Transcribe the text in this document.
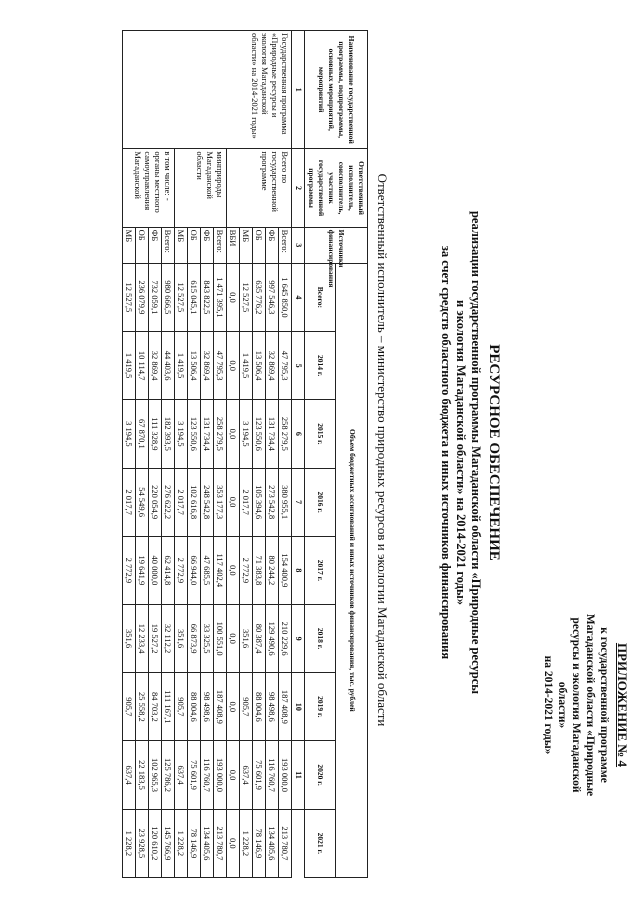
ПРИЛОЖЕНИЕ № 4
к государственной программе
Магаданской области «Природные
ресурсы и экология Магаданской
области»
на 2014-2021 годы»
РЕСУРСНОЕ ОБЕСПЕЧЕНИЕ
реализации государственной программы Магаданской области «Природные ресурсы
и экология Магаданской области» на 2014-2021 годы»
за счет средств областного бюджета и иных источников финансирования
Ответственный исполнитель – министерство природных ресурсов и экологии Магаданской области
Наименование государственной программы, подпрограммы, основных мероприятий, мероприятий	Ответственный исполнитель, соисполнитель, участник государственной программы	Источники финансирования	Объем бюджетных ассигнований и иных источников финансирования, тыс. рублей								
			Всего:	2014 г.	2015 г.	2016 г.	2017 г.	2018 г.	2019 г.	2020 г.	2021 г.
1	2	3	4	5	6	7	8	9	10	11	
Государственная программа «Природные ресурсы и экология Магаданской области» на 2014-2021 годы»	Всего по государственной программе	Всего:	1 645 850,0	47 795,3	258 279,5	380 955,1	154 400,9	210 229,6	187 408,9	193 000,0	213 780,7
		ФБ	997 546,3	32 869,4	131 734,4	273 542,8	80 244,2	129 490,6	98 498,6	116 760,7	134 405,6
		ОБ	635 776,2	13 506,4	123 550,6	105 394,6	71 383,8	80 387,4	88 004,6	75 601,9	78 146,9
		МБ	12 527,5	1 419,5	3 194,5	2 017,7	2 772,9	351,6	905,7	637,4	1 228,2
		ВБИ	0,0	0,0	0,0	0,0	0,0	0,0	0,0	0,0	0,0
	минприроды Магаданской области	Всего:	1 471 395,1	47 795,3	258 279,5	353 177,3	117 402,4	100 551,0	187 408,9	193 000,0	213 780,7
		ФБ	843 822,5	32 869,4	131 734,4	248 542,8	47 685,5	33 325,5	98 498,6	116 760,7	134 405,6
		ОБ	615 045,1	13 506,4	123 550,6	102 616,8	66 944,0	66 873,9	88 004,6	75 601,9	78 146,9
		МБ	12 527,5	1 419,5	3 194,5	2 017,7	2 772,9	351,6	905,7	637,4	1 228,2
	в том числе: - органы местного самоуправления Магаданской	Всего:	980 666,5	44 403,6	182 393,5	276 622,2	62 414,8	32 112,2	111 167,1	125 786,2	145 766,9
		ФБ	732 059,1	32 869,4	111 328,9	220 054,9	40 000,0	19 527,2	84 703,2	102 965,3	120 610,2
		ОБ	236 079,9	10 114,7	67 870,1	54 549,6	19 641,9	12 233,4	25 558,2	22 183,5	23 928,5
		МБ	12 527,5	1 419,5	3 194,5	2 017,7	2 772,9	351,6	905,7	637,4	1 228,2
